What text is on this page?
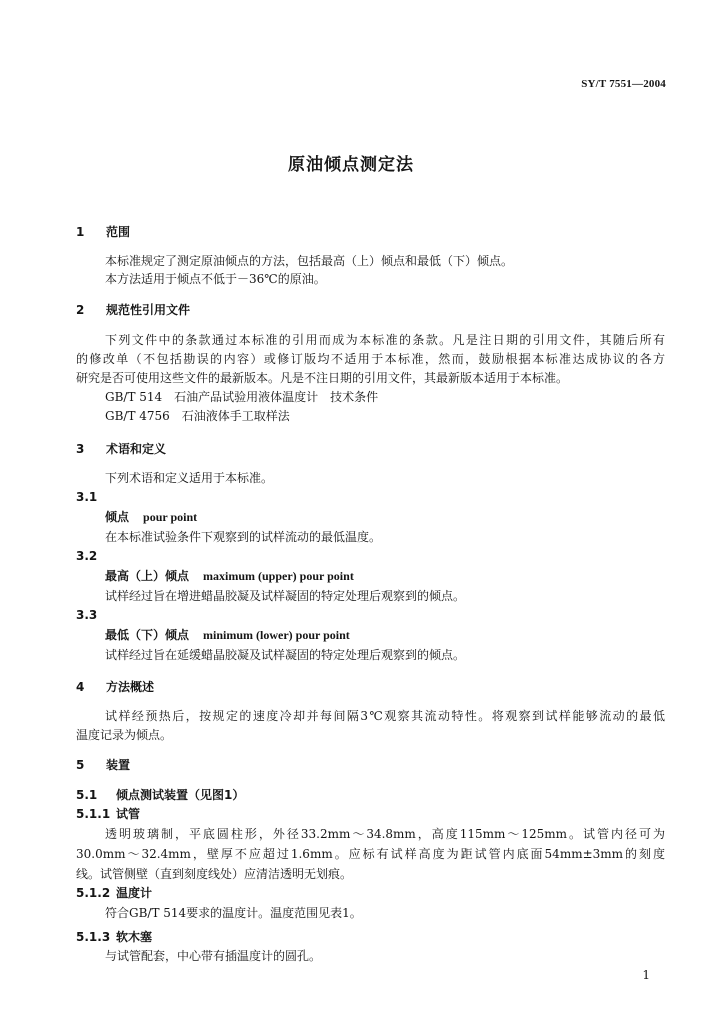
SY/T 7551—2004
原油倾点测定法
1 范围
本标准规定了测定原油倾点的方法，包括最高（上）倾点和最低（下）倾点。
本方法适用于倾点不低于－36℃的原油。
2 规范性引用文件
下列文件中的条款通过本标准的引用而成为本标准的条款。凡是注日期的引用文件，其随后所有
的修改单（不包括勘误的内容）或修订版均不适用于本标准，然而，鼓励根据本标准达成协议的各方
研究是否可使用这些文件的最新版本。凡是不注日期的引用文件，其最新版本适用于本标准。
GB/T 514　石油产品试验用液体温度计　技术条件
GB/T 4756　石油液体手工取样法
3 术语和定义
下列术语和定义适用于本标准。
3.1
倾点 pour point
在本标准试验条件下观察到的试样流动的最低温度。
3.2
最高（上）倾点 maximum (upper) pour point
试样经过旨在增进蜡晶胶凝及试样凝固的特定处理后观察到的倾点。
3.3
最低（下）倾点 minimum (lower) pour point
试样经过旨在延缓蜡晶胶凝及试样凝固的特定处理后观察到的倾点。
4 方法概述
试样经预热后，按规定的速度冷却并每间隔3℃观察其流动特性。将观察到试样能够流动的最低
温度记录为倾点。
5 装置
5.1 倾点测试装置（见图1）
5.1.1 试管
透明玻璃制，平底圆柱形，外径33.2mm～34.8mm，高度115mm～125mm。试管内径可为
30.0mm～32.4mm，壁厚不应超过1.6mm。应标有试样高度为距试管内底面54mm±3mm的刻度
线。试管侧壁（直到刻度线处）应清洁透明无划痕。
5.1.2 温度计
符合GB/T 514要求的温度计。温度范围见表1。
5.1.3 软木塞
与试管配套，中心带有插温度计的圆孔。
1
